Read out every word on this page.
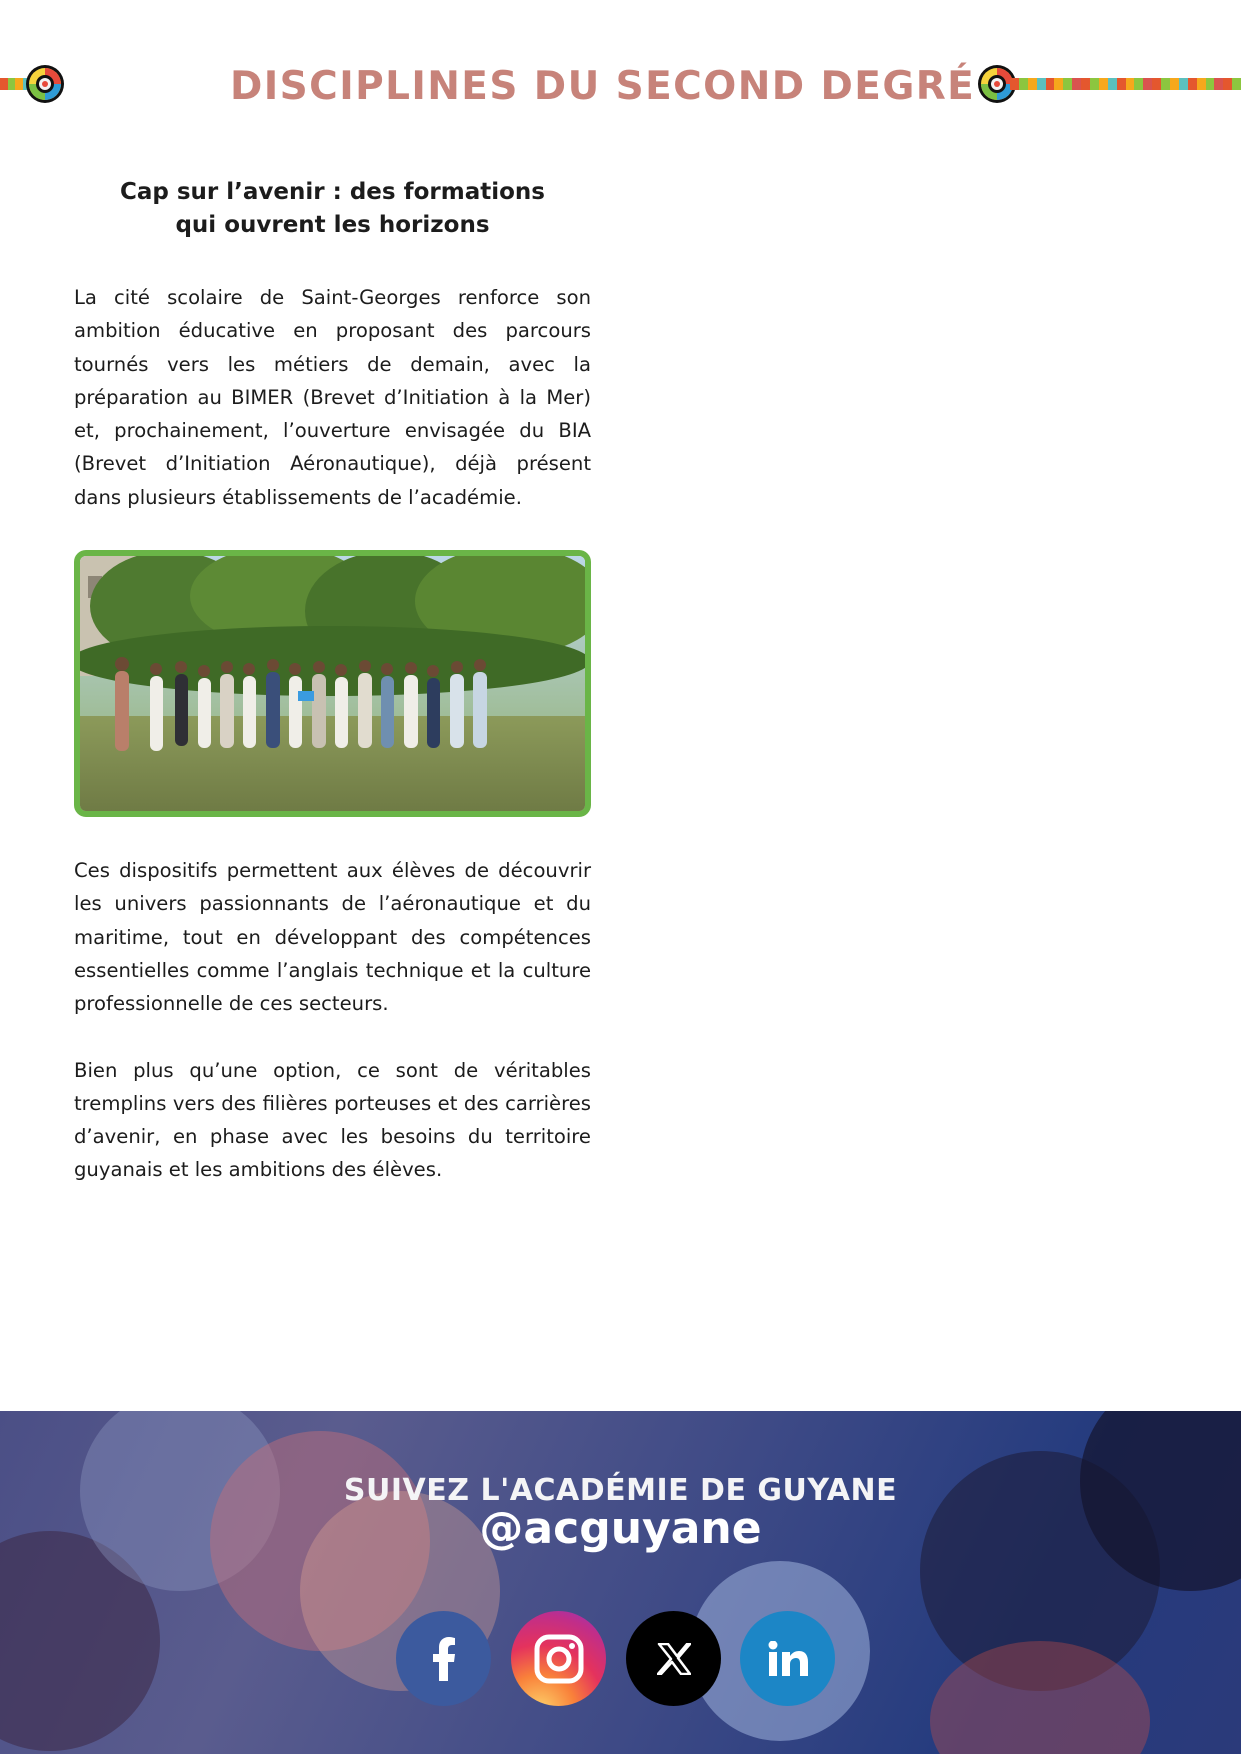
DISCIPLINES DU SECOND DEGRÉ
Cap sur l’avenir : des formations
qui ouvrent les horizons

La cité scolaire de Saint-Georges renforce son ambition éducative en proposant des parcours tournés vers les métiers de demain, avec la préparation au BIMER (Brevet d’Initiation à la Mer) et, prochainement, l’ouverture envisagée du BIA (Brevet d’Initiation Aéronautique), déjà présent dans plusieurs établissements de l’académie.

Ces dispositifs permettent aux élèves de découvrir les univers passionnants de l’aéronautique et du maritime, tout en développant des compétences essentielles comme l’anglais technique et la culture professionnelle de ces secteurs.

Bien plus qu’une option, ce sont de véritables tremplins vers des filières porteuses et des carrières d’avenir, en phase avec les besoins du territoire guyanais et les ambitions des élèves.

SUIVEZ L'ACADÉMIE DE GUYANE
@acguyane
